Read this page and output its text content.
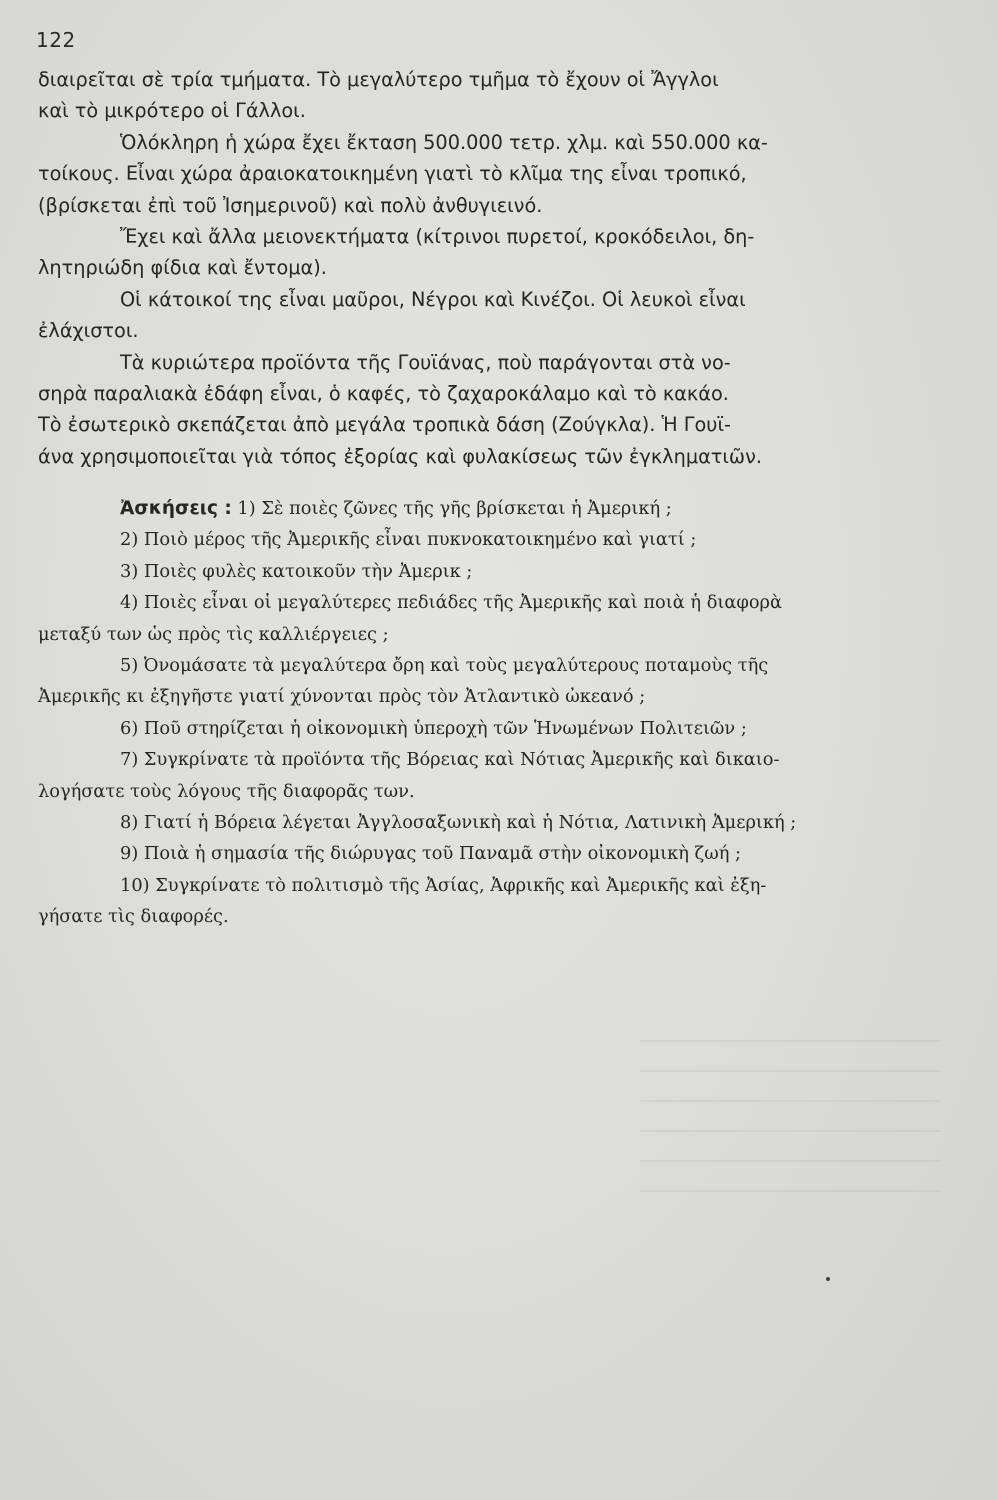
122
διαιρεῖται σὲ τρία τμήματα. Τὸ μεγαλύτερο τμῆμα τὸ ἔχουν οἱ Ἄγγλοι
καὶ τὸ μικρότερο οἱ Γάλλοι.
Ὁλόκληρη ἡ χώρα ἔχει ἔκταση 500.000 τετρ. χλμ. καὶ 550.000 κα-
τοίκους. Εἶναι χώρα ἀραιοκατοικημένη γιατὶ τὸ κλῖμα της εἶναι τροπικό,
(βρίσκεται ἐπὶ τοῦ Ἰσημερινοῦ) καὶ πολὺ ἀνθυγιεινό.
Ἔχει καὶ ἄλλα μειονεκτήματα (κίτρινοι πυρετοί, κροκόδειλοι, δη-
λητηριώδη φίδια καὶ ἔντομα).
Οἱ κάτοικοί της εἶναι μαῦροι, Νέγροι καὶ Κινέζοι. Οἱ λευκοὶ εἶναι
ἐλάχιστοι.
Τὰ κυριώτερα προϊόντα τῆς Γουϊάνας, ποὺ παράγονται στὰ νο-
σηρὰ παραλιακὰ ἐδάφη εἶναι, ὁ καφές, τὸ ζαχαροκάλαμο καὶ τὸ κακάο.
Τὸ ἐσωτερικὸ σκεπάζεται ἀπὸ μεγάλα τροπικὰ δάση (Ζούγκλα). Ἡ Γουϊ-
άνα χρησιμοποιεῖται γιὰ τόπος ἐξορίας καὶ φυλακίσεως τῶν ἐγκληματιῶν.
Ἀσκήσεις : 1) Σὲ ποιὲς ζῶνες τῆς γῆς βρίσκεται ἡ Ἀμερική ;
2) Ποιὸ μέρος τῆς Ἀμερικῆς εἶναι πυκνοκατοικημένο καὶ γιατί ;
3) Ποιὲς φυλὲς κατοικοῦν τὴν Ἀμερικ ;
4) Ποιὲς εἶναι οἱ μεγαλύτερες πεδιάδες τῆς Ἀμερικῆς καὶ ποιὰ ἡ διαφορὰ
μεταξύ των ὡς πρὸς τὶς καλλιέργειες ;
5) Ὀνομάσατε τὰ μεγαλύτερα ὄρη καὶ τοὺς μεγαλύτερους ποταμοὺς τῆς
Ἀμερικῆς κι ἐξηγῆστε γιατί χύνονται πρὸς τὸν Ἀτλαντικὸ ὠκεανό ;
6) Ποῦ στηρίζεται ἡ οἰκονομικὴ ὑπεροχὴ τῶν Ἡνωμένων Πολιτειῶν ;
7) Συγκρίνατε τὰ προϊόντα τῆς Βόρειας καὶ Νότιας Ἀμερικῆς καὶ δικαιο-
λογήσατε τοὺς λόγους τῆς διαφορᾶς των.
8) Γιατί ἡ Βόρεια λέγεται Ἀγγλοσαξωνικὴ καὶ ἡ Νότια, Λατινικὴ Ἀμερική ;
9) Ποιὰ ἡ σημασία τῆς διώρυγας τοῦ Παναμᾶ στὴν οἰκονομικὴ ζωή ;
10) Συγκρίνατε τὸ πολιτισμὸ τῆς Ἀσίας, Ἀφρικῆς καὶ Ἀμερικῆς καὶ ἐξη-
γήσατε τὶς διαφορές.
